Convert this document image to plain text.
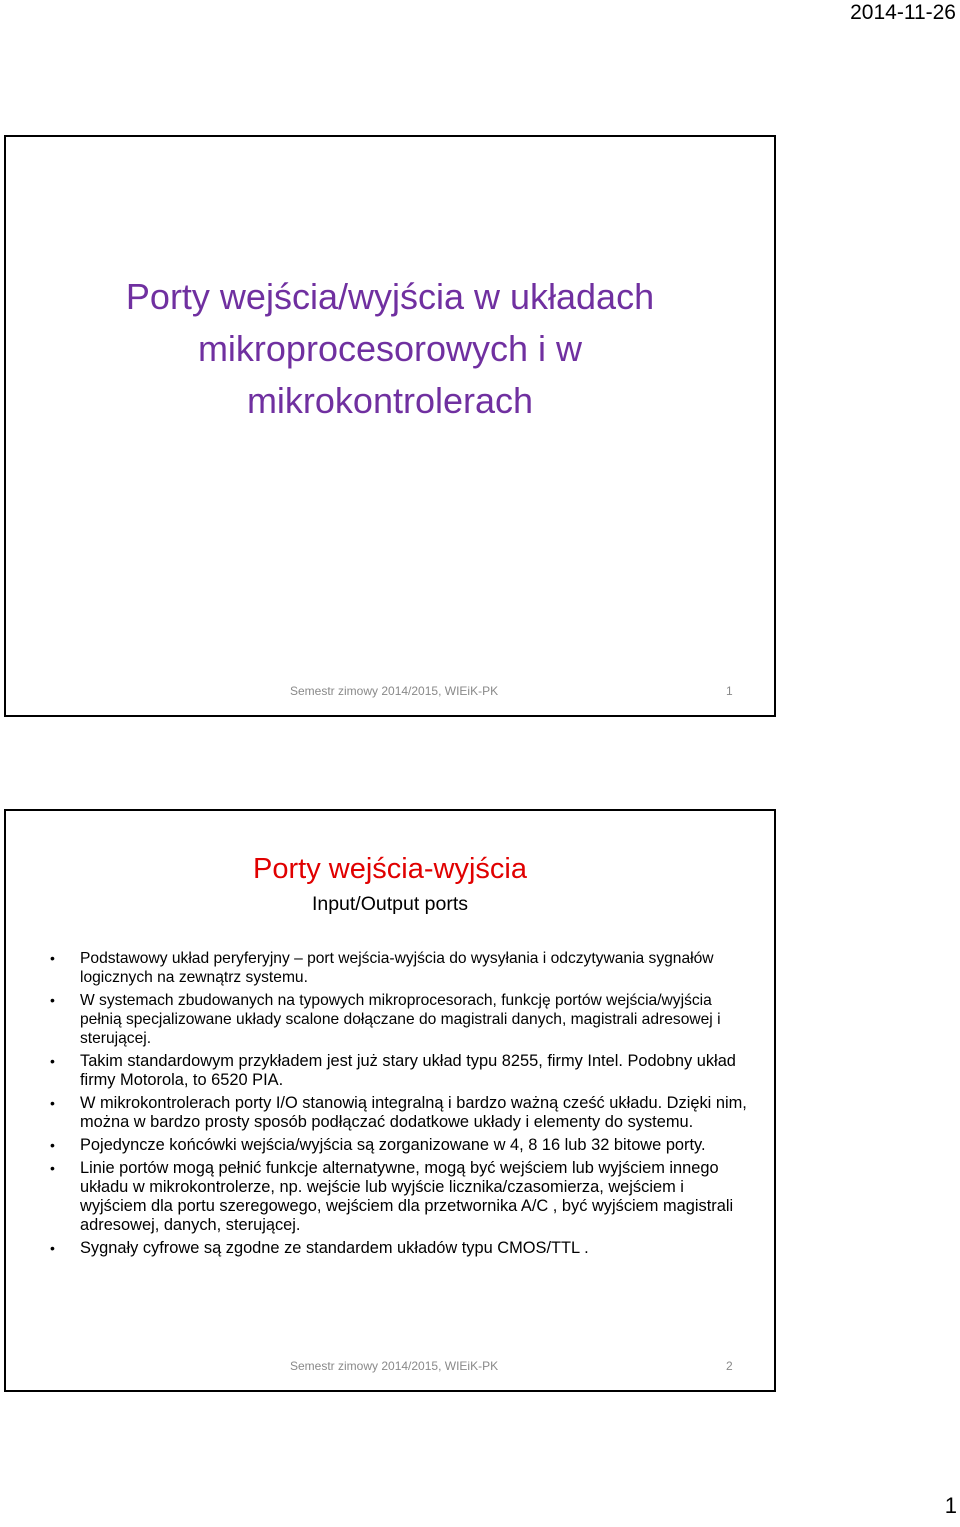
2014-11-26
Porty wejścia/wyjścia w układach
mikroprocesorowych i w
mikrokontrolerach
Semestr zimowy 2014/2015, WIEiK-PK	1
Porty wejścia-wyjścia
Input/Output ports
• Podstawowy układ peryferyjny – port wejścia-wyjścia do wysyłania i odczytywania sygnałów logicznych na zewnątrz systemu.
• W systemach zbudowanych na typowych mikroprocesorach, funkcję portów wejścia/wyjścia pełnią specjalizowane układy scalone dołączane do magistrali danych, magistrali adresowej i sterującej.
• Takim standardowym przykładem jest już stary układ typu 8255, firmy Intel. Podobny układ firmy Motorola, to 6520 PIA.
• W mikrokontrolerach porty I/O stanowią integralną i bardzo ważną cześć układu. Dzięki nim, można w bardzo prosty sposób podłączać dodatkowe układy i elementy do systemu.
• Pojedyncze końcówki wejścia/wyjścia są zorganizowane w 4, 8 16 lub 32 bitowe porty.
• Linie portów mogą pełnić funkcje alternatywne, mogą być wejściem lub wyjściem innego układu w mikrokontrolerze, np. wejście lub wyjście licznika/czasomierza, wejściem i wyjściem dla portu szeregowego, wejściem dla przetwornika A/C , być wyjściem magistrali adresowej, danych, sterującej.
• Sygnały cyfrowe są zgodne ze standardem układów typu CMOS/TTL .
Semestr zimowy 2014/2015, WIEiK-PK	2
1
